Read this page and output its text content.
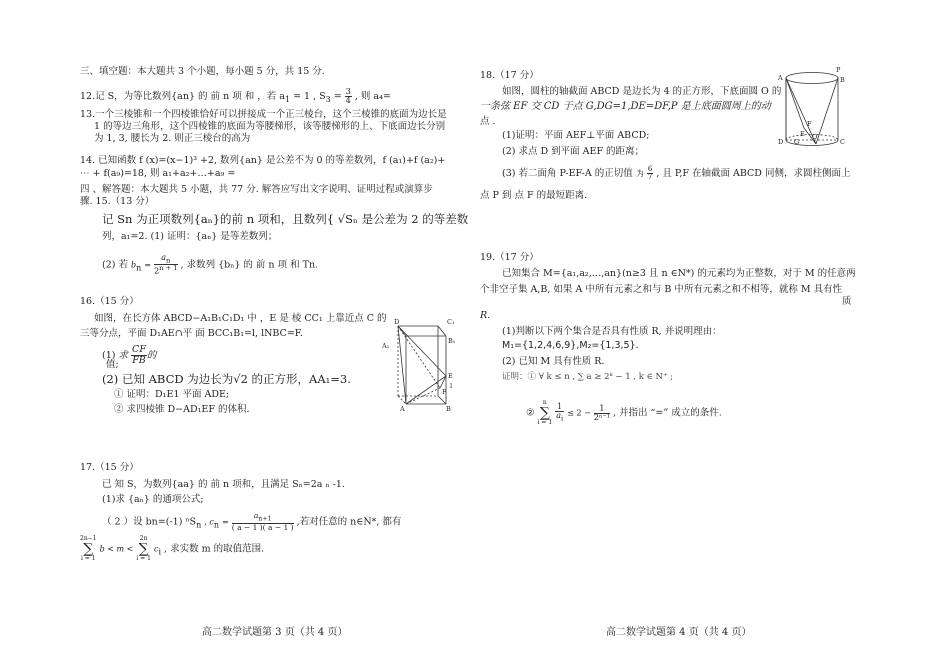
三、填空题：本大题共 3 个小题，每小题 5 分，共 15 分.
12.记 S，为等比数列{an} 的 前 n 项 和 ，若 $a_1 = 1$ , $S_3 = \frac{3}{4}$ , 则 a₄=
13.一个三棱锥和一个四棱锥恰好可以拼接成一个正三棱台，这个三棱锥的底面为边长是
1 的等边三角形，这个四棱锥的底面为等腰梯形，该等腰梯形的上、下底面边长分别
为 1, 3, 腰长为 2. 则正三棱台的高为
14. 已知函数 f (x)=(x−1)³ +2, 数列{an} 是公差不为 0 的等差数列，f (a₁)+f (a₂)+
⋯ + f(a₉)=18, 则 a₁+a₂+…+a₉ =
四 、解答题：本大题共 5 小题，共 77 分. 解答应写出文字说明、证明过程或演算步
骤. 15.（13 分）
记 Sn 为正项数列{aₙ}的前 n 项和，且数列{ √Sₙ 是公差为 2 的等差数
列，a₁=2. (1) 证明：{aₙ} 是等差数列；
(2) 若 $b_n = \frac{a_n}{2^{n + 1}}$ , 求数列 {bₙ} 的 前 n 项 和 Tn.
16.（15 分）
如图，在长方体 ABCD−A₁B₁C₁D₁ 中 ，E 是 棱 CC₁ 上靠近点 C 的
三等分点，平面 D₁AE∩平 面 BCC₁B₁=l, lNBC=F.
(1) 求 $\frac{CF}{FB}$ 的
值;
(2) 已知 ABCD 为边长为√2 的正方形，AA₁=3.
① 证明：D₁E1 平面 ADE;
② 求四棱锥 D−AD₁EF 的体积.
17.（15 分）
已 知 S，为数列{aa} 的 前 n 项和，且满足 Sₙ=2a ₙ -1.
(1)求 {aₙ} 的通项公式;
（ 2 ）设 bn=(-1) ⁿS$_n$ , $c_n = \frac{a_{n+1}}{( a - 1 )( a - 1 )}$ ,若对任意的 n∈N*, 都有
2n−1
∑
i = 1
b < m <
2n
∑
i = 1
$c_i$ , 求实数 m 的取值范围.
高二数学试题第 3 页（共 4 页）
D	C₁
A₁
B₁
E
F
A	B
l
18.（17 分）
如图，圆柱的轴截面 ABCD 是边长为 4 的正方形，下底面圆 O 的
一条弦 EF 交 CD 于点 G,DG=1,DE=DF,P 是上底面圆周上的动
点 .
(1)证明：平面 AEF⊥平面 ABCD;
(2) 求点 D 到平面 AEF 的距离；
(3) 若二面角 P-EF-A 的正切值 为 $\frac{6}{7}$ , 且 P,F 在轴截面 ABCD 同侧，求圆柱侧面上
点 P 到 点 F 的最短距离.
19.（17 分）
已知集合 M={a₁,a₂,…,an}(n≥3 且 n ∈N*) 的元素均为正整数，对于 M 的任意两
个非空子集 A,B, 如果 A 中所有元素之和与 B 中所有元素之和不相等，就称 M 具有性
质
R.
(1)判断以下两个集合是否具有性质 R, 并说明理由：
M₁={1,2,4,6,9},M₂={1,3,5}.
(2) 已知 M 具有性质 R.
证明：① ∀ k ≤ n , ∑ a ≥ 2ᵏ − 1 , k ∈ N⁺ ;
②
n
∑
i = 1
$\frac{1}{a_i} \le 2 - \frac{1}{\text{2ⁿ⁻¹}}$ , 并指出 “=” 成立的条件.
高二数学试题第 4 页（共 4 页）
P
A	B
D	C
O
E
F
G
